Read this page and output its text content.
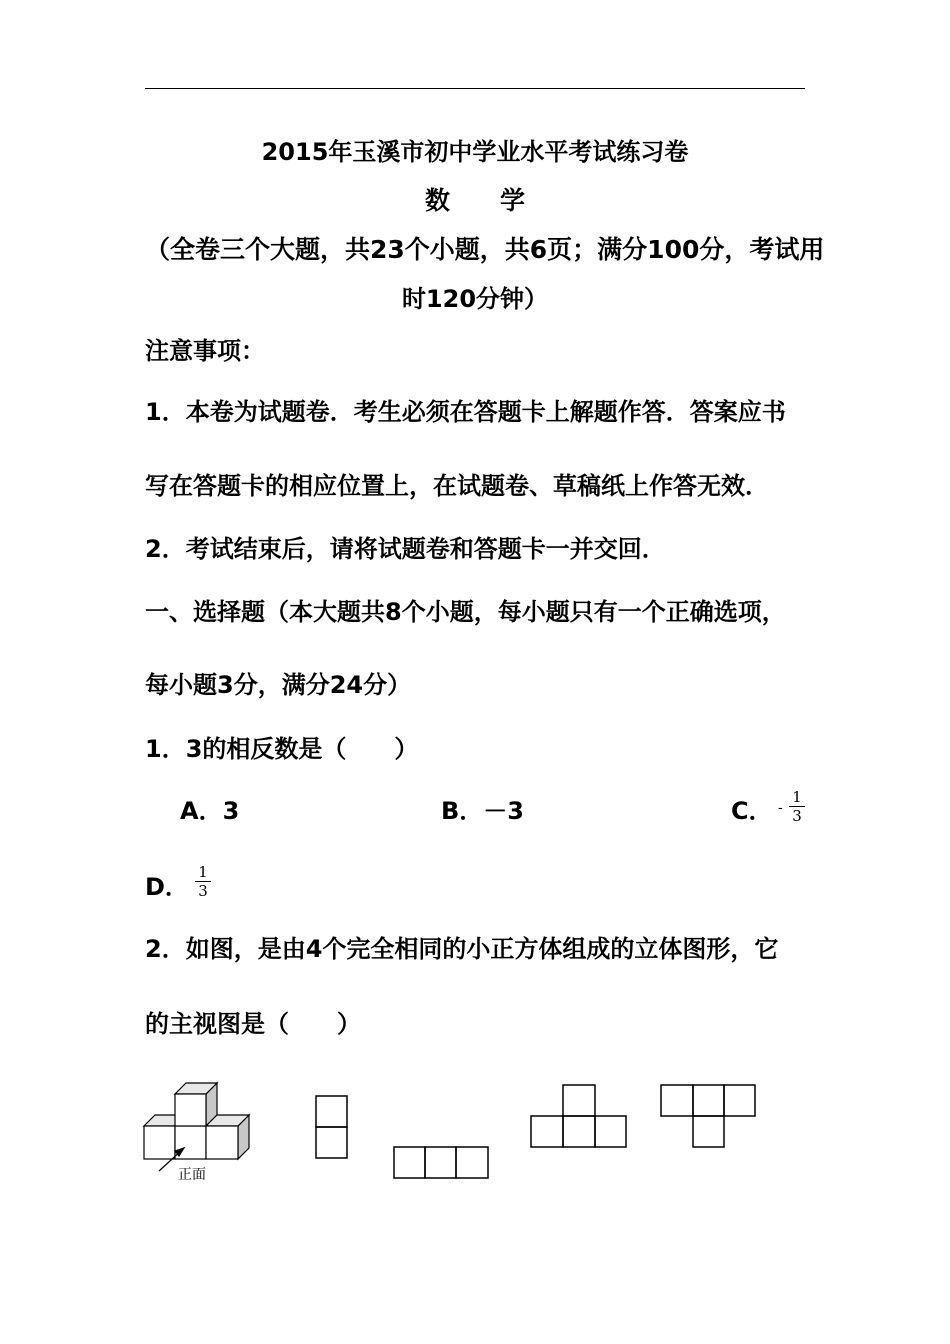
2015年玉溪市初中学业水平考试练习卷
数　　学
（全卷三个大题，共23个小题，共6页；满分100分，考试用
时120分钟）
注意事项：
1．本卷为试题卷．考生必须在答题卡上解题作答．答案应书
写在答题卡的相应位置上，在试题卷、草稿纸上作答无效．
2．考试结束后，请将试题卷和答题卡一并交回．
一、选择题（本大题共8个小题，每小题只有一个正确选项，
每小题3分，满分24分）
1．3的相反数是（　　）
A．3	B．－3	C． -
1
3
D．
1
3
2．如图，是由4个完全相同的小正方体组成的立体图形，它
的主视图是（　　）
正面
